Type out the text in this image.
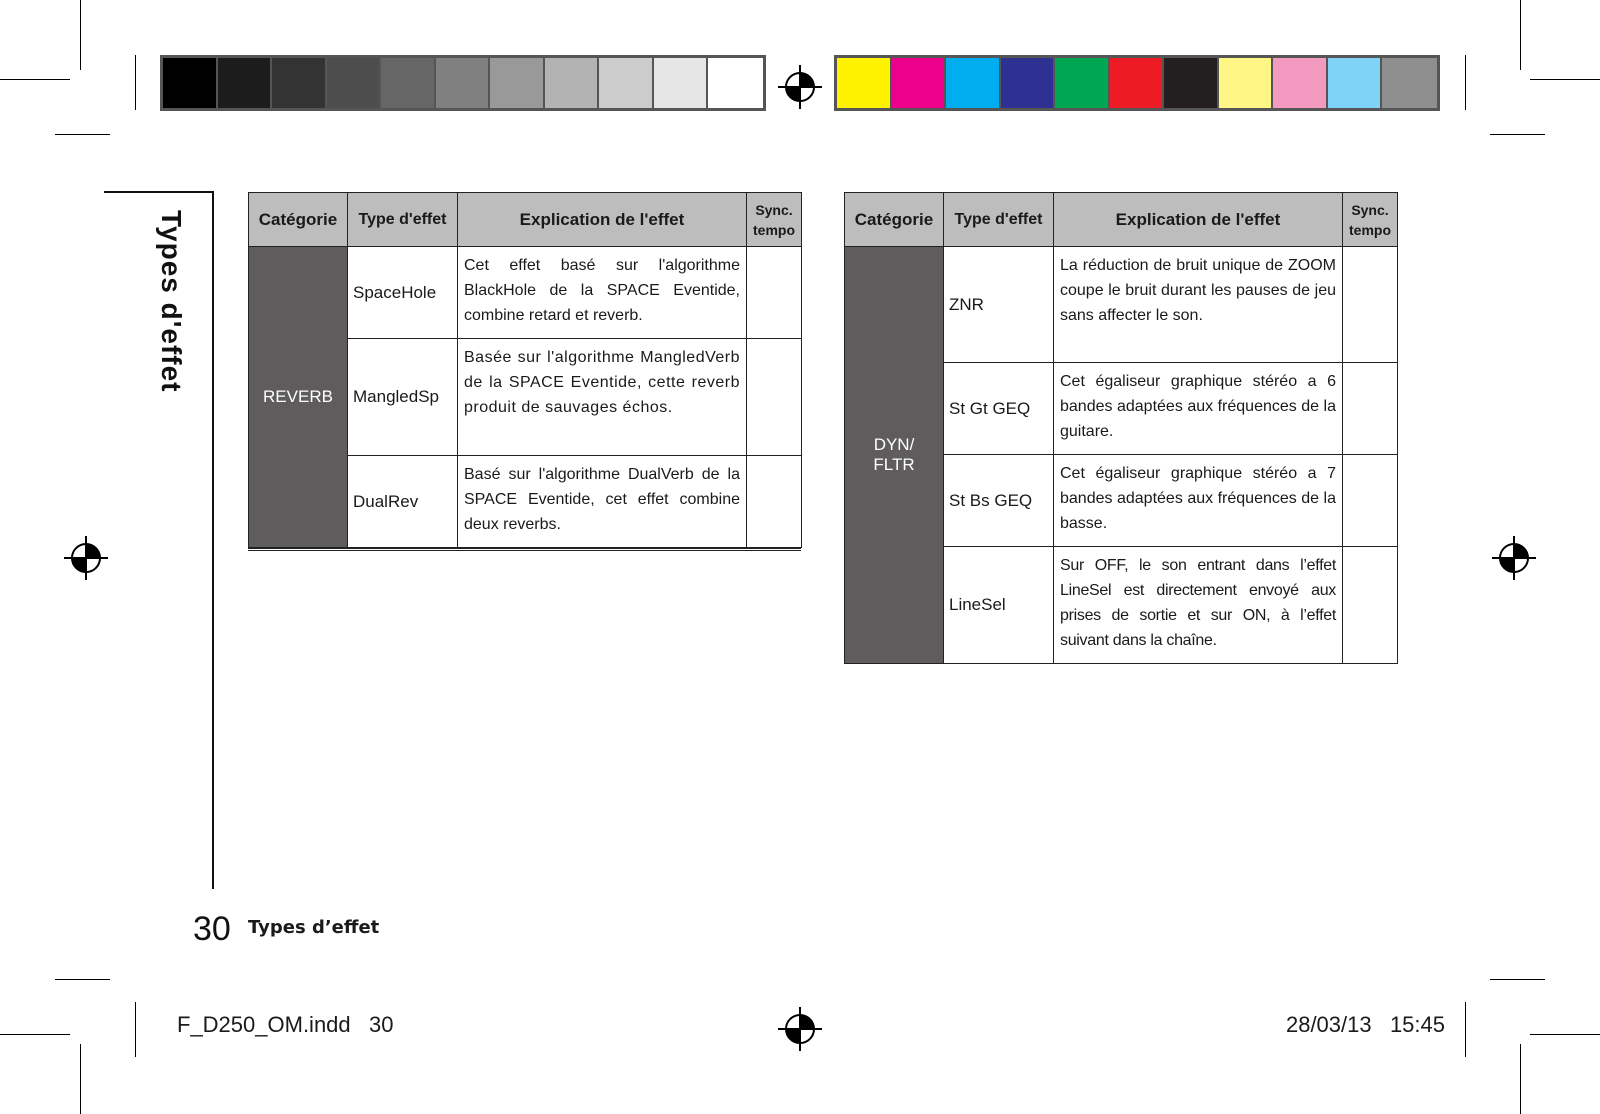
Types d'effet	Catégorie	Type d'effet	Explication de l'effet	Sync.
tempo
REVERB	SpaceHole	Cet effet basé sur l'algorithme BlackHole de la SPACE Eventide, combine retard et reverb.	
	MangledSp	Basée sur l'algorithme MangledVerb de la SPACE Eventide, cette reverb produit de sauvages échos.	
	DualRev	Basé sur l'algorithme DualVerb de la SPACE Eventide, cet effet combine deux reverbs.	
Catégorie	Type d'effet	Explication de l'effet	Sync.
tempo
DYN/
FLTR	ZNR	La réduction de bruit unique de ZOOM coupe le bruit durant les pauses de jeu sans affecter le son.	
	St Gt GEQ	Cet égaliseur graphique stéréo a 6 bandes adaptées aux fréquences de la guitare.	
	St Bs GEQ	Cet égaliseur graphique stéréo a 7 bandes adaptées aux fréquences de la basse.	
	LineSel	Sur OFF, le son entrant dans l’effet LineSel est directement envoyé aux prises de sortie et sur ON, à l’effet suivant dans la chaîne.	
30 Types d’effet
F_D250_OM.indd   30	28/03/13   15:45
